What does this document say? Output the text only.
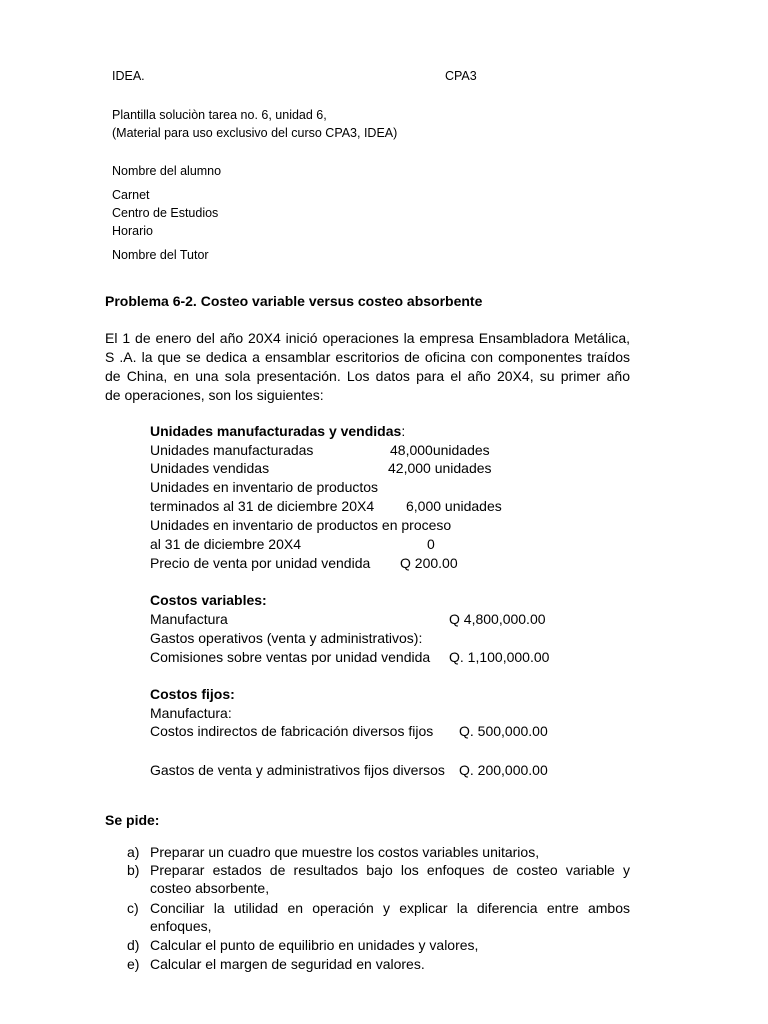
IDEA.	CPA3
Plantilla soluciòn tarea no. 6, unidad 6,
(Material para uso exclusivo del curso CPA3, IDEA)
Nombre del alumno
Carnet
Centro de Estudios
Horario
Nombre del Tutor
Problema 6-2. Costeo variable versus costeo absorbente
El 1 de enero del año 20X4 inició operaciones la empresa Ensambladora Metálica,
S .A. la que se dedica a ensamblar escritorios de oficina con componentes traídos
de China, en una sola presentación. Los datos para el año 20X4, su primer año
de operaciones, son los siguientes:
Unidades manufacturadas y vendidas:
Unidades manufacturadas	48,000unidades
Unidades vendidas	42,000 unidades
Unidades en inventario de productos
terminados al 31 de diciembre 20X4 6,000 unidades
Unidades en inventario de productos en proceso
al 31 de diciembre 20X4	0
Precio de venta por unidad vendida Q 200.00
Costos variables:
Manufactura	Q 4,800,000.00
Gastos operativos (venta y administrativos):
Comisiones sobre ventas por unidad vendida Q. 1,100,000.00
Costos fijos:
Manufactura:
Costos indirectos de fabricación diversos fijos Q. 500,000.00
Gastos de venta y administrativos fijos diversos Q. 200,000.00
Se pide:
a) Preparar un cuadro que muestre los costos variables unitarios,
b) Preparar estados de resultados bajo los enfoques de costeo variable y
costeo absorbente,
c) Conciliar la utilidad en operación y explicar la diferencia entre ambos
enfoques,
d) Calcular el punto de equilibrio en unidades y valores,
e) Calcular el margen de seguridad en valores.
